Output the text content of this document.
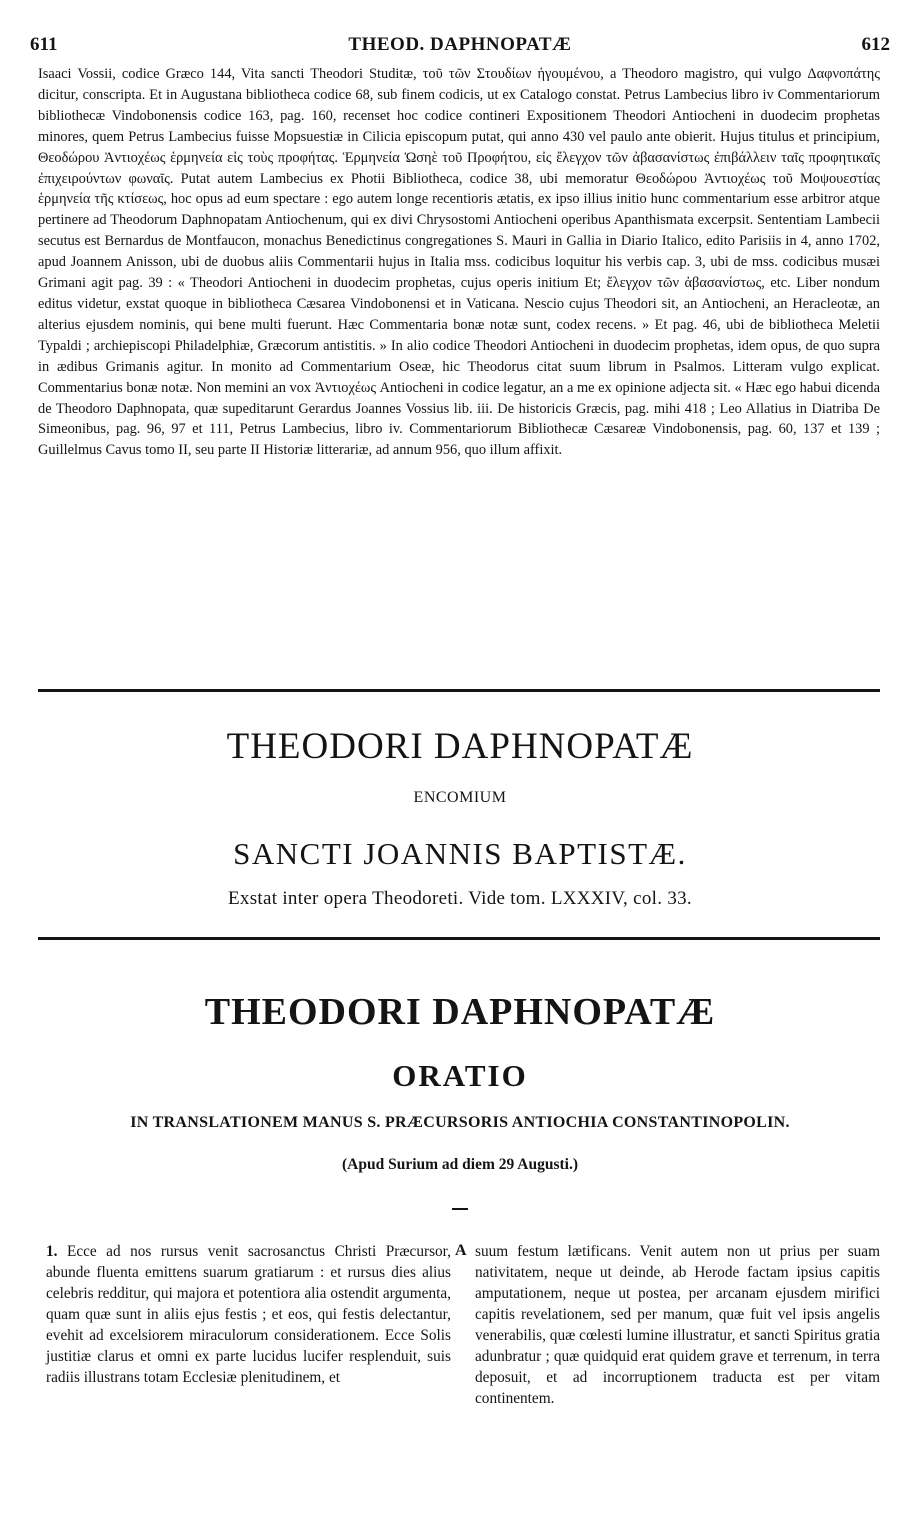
611	THEOD. DAPHNOPATÆ	612

Isaaci Vossii, codice Græco 144, Vita sancti Theodori Studitæ, τοῦ τῶν Στουδίων ἡγουμένου, a Theodoro magistro, qui vulgo Δαφνοπάτης dicitur, conscripta. Et in Augustana bibliotheca codice 68, sub finem codicis, ut ex Catalogo constat. Petrus Lambecius libro iv Commentariorum bibliothecæ Vindobonensis codice 163, pag. 160, recenset hoc codice contineri Expositionem Theodori Antiocheni in duodecim prophetas minores, quem Petrus Lambecius fuisse Mopsuestiæ in Cilicia episcopum putat, qui anno 430 vel paulo ante obierit. Hujus titulus et principium, Θεοδώρου Ἀντιοχέως ἑρμηνεία εἰς τοὺς προφήτας. Ἑρμηνεία Ὠσηὲ τοῦ Προφήτου, εἰς ἔλεγχον τῶν ἀβασανίστως ἐπιβάλλειν ταῖς προφητικαῖς ἐπιχειρούντων φωναῖς. Putat autem Lambecius ex Photii Bibliotheca, codice 38, ubi memoratur Θεοδώρου Ἀντιοχέως τοῦ Μοψουεστίας ἑρμηνεία τῆς κτίσεως, hoc opus ad eum spectare : ego autem longe recentioris ætatis, ex ipso illius initio hunc commentarium esse arbitror atque pertinere ad Theodorum Daphnopatam Antiochenum, qui ex divi Chrysostomi Antiocheni operibus Apanthismata excerpsit. Sententiam Lambecii secutus est Bernardus de Montfaucon, monachus Benedictinus congregationes S. Mauri in Gallia in Diario Italico, edito Parisiis in 4, anno 1702, apud Joannem Anisson, ubi de duobus aliis Commentarii hujus in Italia mss. codicibus loquitur his verbis cap. 3, ubi de mss. codicibus musæi Grimani agit pag. 39 : « Theodori Antiocheni in duodecim prophetas, cujus operis initium Et; ἔλεγχον τῶν ἀβασανίστως, etc. Liber nondum editus videtur, exstat quoque in bibliotheca Cæsarea Vindobonensi et in Vaticana. Nescio cujus Theodori sit, an Antiocheni, an Heracleotæ, an alterius ejusdem nominis, qui bene multi fuerunt. Hæc Commentaria bonæ notæ sunt, codex recens. » Et pag. 46, ubi de bibliotheca Meletii Typaldi ; archiepiscopi Philadelphiæ, Græcorum antistitis. » In alio codice Theodori Antiocheni in duodecim prophetas, idem opus, de quo supra in ædibus Grimanis agitur. In monito ad Commentarium Oseæ, hic Theodorus citat suum librum in Psalmos. Litteram vulgo explicat. Commentarius bonæ notæ. Non memini an vox Ἀντιοχέως Antiocheni in codice legatur, an a me ex opinione adjecta sit. « Hæc ego habui dicenda de Theodoro Daphnopata, quæ supeditarunt Gerardus Joannes Vossius lib. iii. De historicis Græcis, pag. mihi 418 ; Leo Allatius in Diatriba De Simeonibus, pag. 96, 97 et 111, Petrus Lambecius, libro iv. Commentariorum Bibliothecæ Cæsareæ Vindobonensis, pag. 60, 137 et 139 ; Guillelmus Cavus tomo II, seu parte II Historiæ litterariæ, ad annum 956, quo illum affixit.

THEODORI DAPHNOPATÆ
ENCOMIUM
SANCTI JOANNIS BAPTISTÆ.
Exstat inter opera Theodoreti. Vide tom. LXXXIV, col. 33.
THEODORI DAPHNOPATÆ
ORATIO
IN TRANSLATIONEM MANUS S. PRÆCURSORIS ANTIOCHIA CONSTANTINOPOLIN.
(Apud Surium ad diem 29 Augusti.)

1. Ecce ad nos rursus venit sacrosanctus Christi Præcursor, abunde fluenta emittens suarum gratiarum : et rursus dies alius celebris redditur, qui majora et potentiora alia ostendit argumenta, quam quæ sunt in aliis ejus festis ; et eos, qui festis delectantur, evehit ad excelsiorem miraculorum considerationem. Ecce Solis justitiæ clarus et omni ex parte lucidus lucifer resplenduit, suis radiis illustrans totam Ecclesiæ plenitudinem, et

A suum festum lætificans. Venit autem non ut prius per suam nativitatem, neque ut deinde, ab Herode factam ipsius capitis amputationem, neque ut postea, per arcanam ejusdem mirifici capitis revelationem, sed per manum, quæ fuit vel ipsis angelis venerabilis, quæ cœlesti lumine illustratur, et sancti Spiritus gratia adunbratur ; quæ quidquid erat quidem grave et terrenum, in terra deposuit, et ad incorruptionem traducta est per vitam continentem.
